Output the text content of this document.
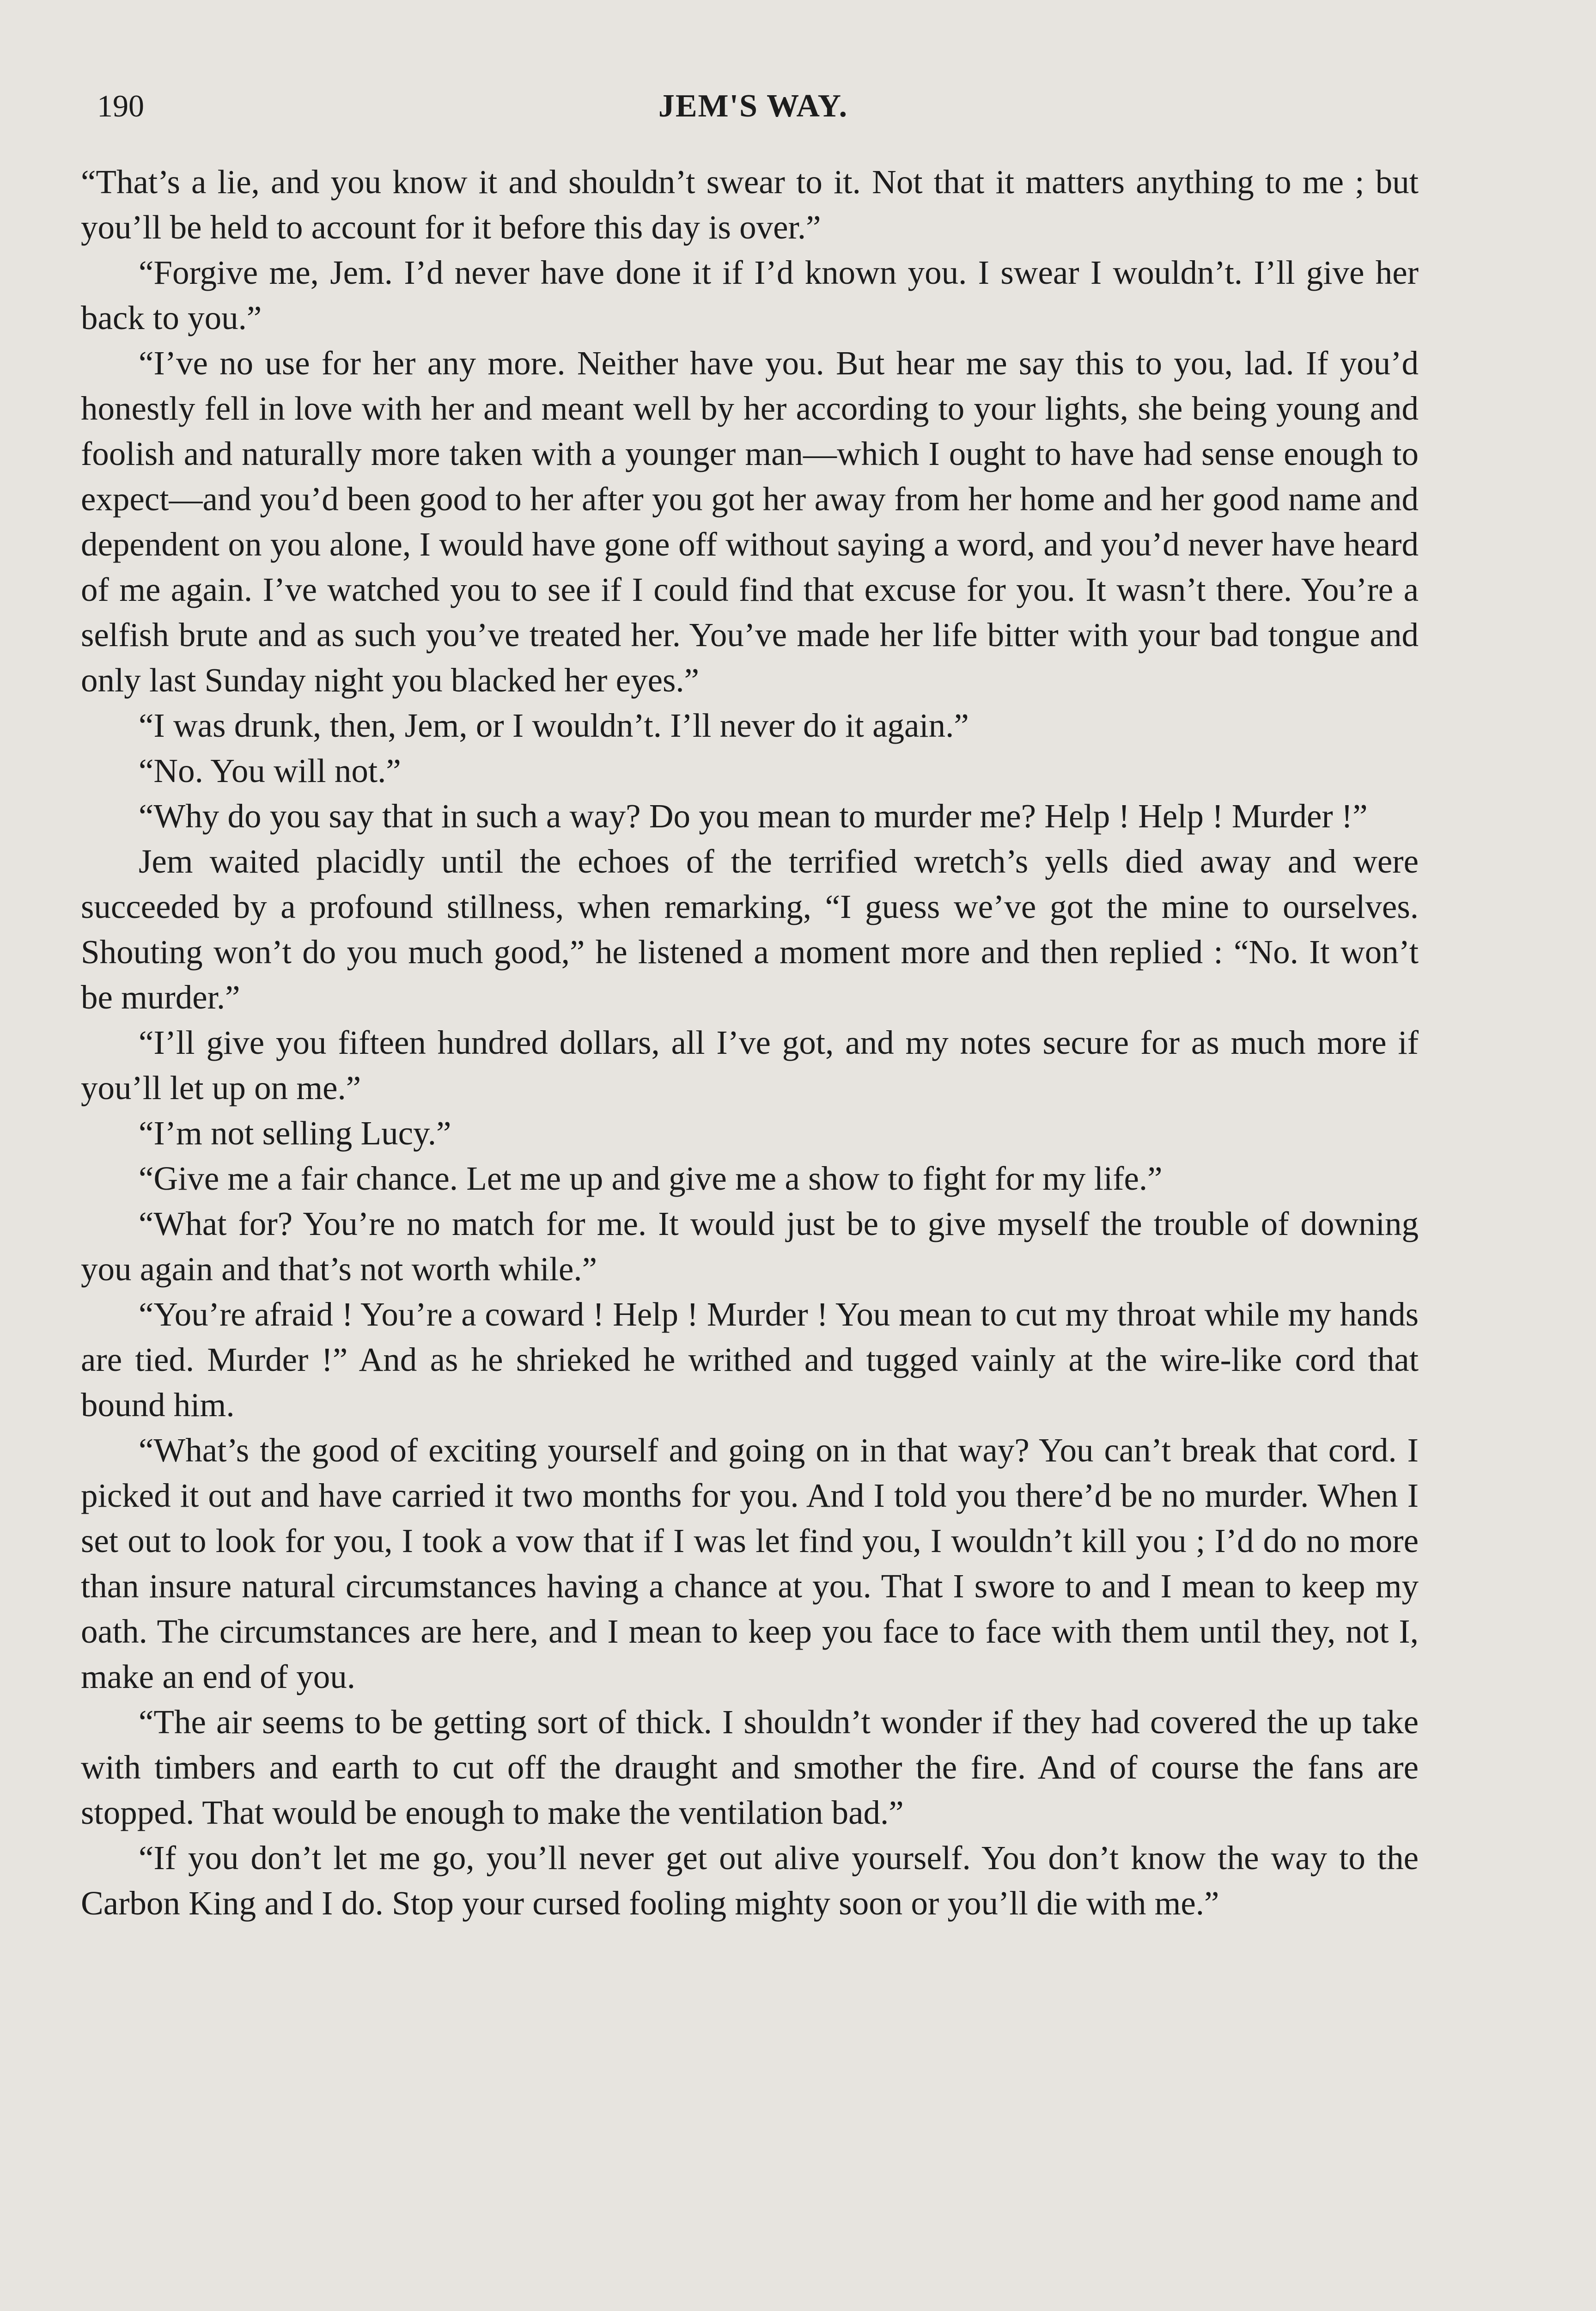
190	JEM'S WAY.

“That’s a lie, and you know it and shouldn’t swear to it. Not that it matters anything to me ; but you’ll be held to account for it before this day is over.”

“Forgive me, Jem. I’d never have done it if I’d known you. I swear I wouldn’t. I’ll give her back to you.”

“I’ve no use for her any more. Neither have you. But hear me say this to you, lad. If you’d honestly fell in love with her and meant well by her according to your lights, she being young and foolish and naturally more taken with a younger man—which I ought to have had sense enough to expect—and you’d been good to her after you got her away from her home and her good name and dependent on you alone, I would have gone off without saying a word, and you’d never have heard of me again. I’ve watched you to see if I could find that excuse for you. It wasn’t there. You’re a selfish brute and as such you’ve treated her. You’ve made her life bitter with your bad tongue and only last Sunday night you blacked her eyes.”

“I was drunk, then, Jem, or I wouldn’t. I’ll never do it again.”

“No. You will not.”

“Why do you say that in such a way? Do you mean to murder me? Help ! Help ! Murder !”

Jem waited placidly until the echoes of the terrified wretch’s yells died away and were succeeded by a profound stillness, when remarking, “I guess we’ve got the mine to ourselves. Shouting won’t do you much good,” he listened a moment more and then replied : “No. It won’t be murder.”

“I’ll give you fifteen hundred dollars, all I’ve got, and my notes secure for as much more if you’ll let up on me.”

“I’m not selling Lucy.”

“Give me a fair chance. Let me up and give me a show to fight for my life.”

“What for? You’re no match for me. It would just be to give myself the trouble of downing you again and that’s not worth while.”

“You’re afraid ! You’re a coward ! Help ! Murder ! You mean to cut my throat while my hands are tied. Murder !” And as he shrieked he writhed and tugged vainly at the wire-like cord that bound him.

“What’s the good of exciting yourself and going on in that way? You can’t break that cord. I picked it out and have carried it two months for you. And I told you there’d be no murder. When I set out to look for you, I took a vow that if I was let find you, I wouldn’t kill you ; I’d do no more than insure natural circumstances having a chance at you. That I swore to and I mean to keep my oath. The circumstances are here, and I mean to keep you face to face with them until they, not I, make an end of you.

“The air seems to be getting sort of thick. I shouldn’t wonder if they had covered the up take with timbers and earth to cut off the draught and smother the fire. And of course the fans are stopped. That would be enough to make the ventilation bad.”

“If you don’t let me go, you’ll never get out alive yourself. You don’t know the way to the Carbon King and I do. Stop your cursed fooling mighty soon or you’ll die with me.”
